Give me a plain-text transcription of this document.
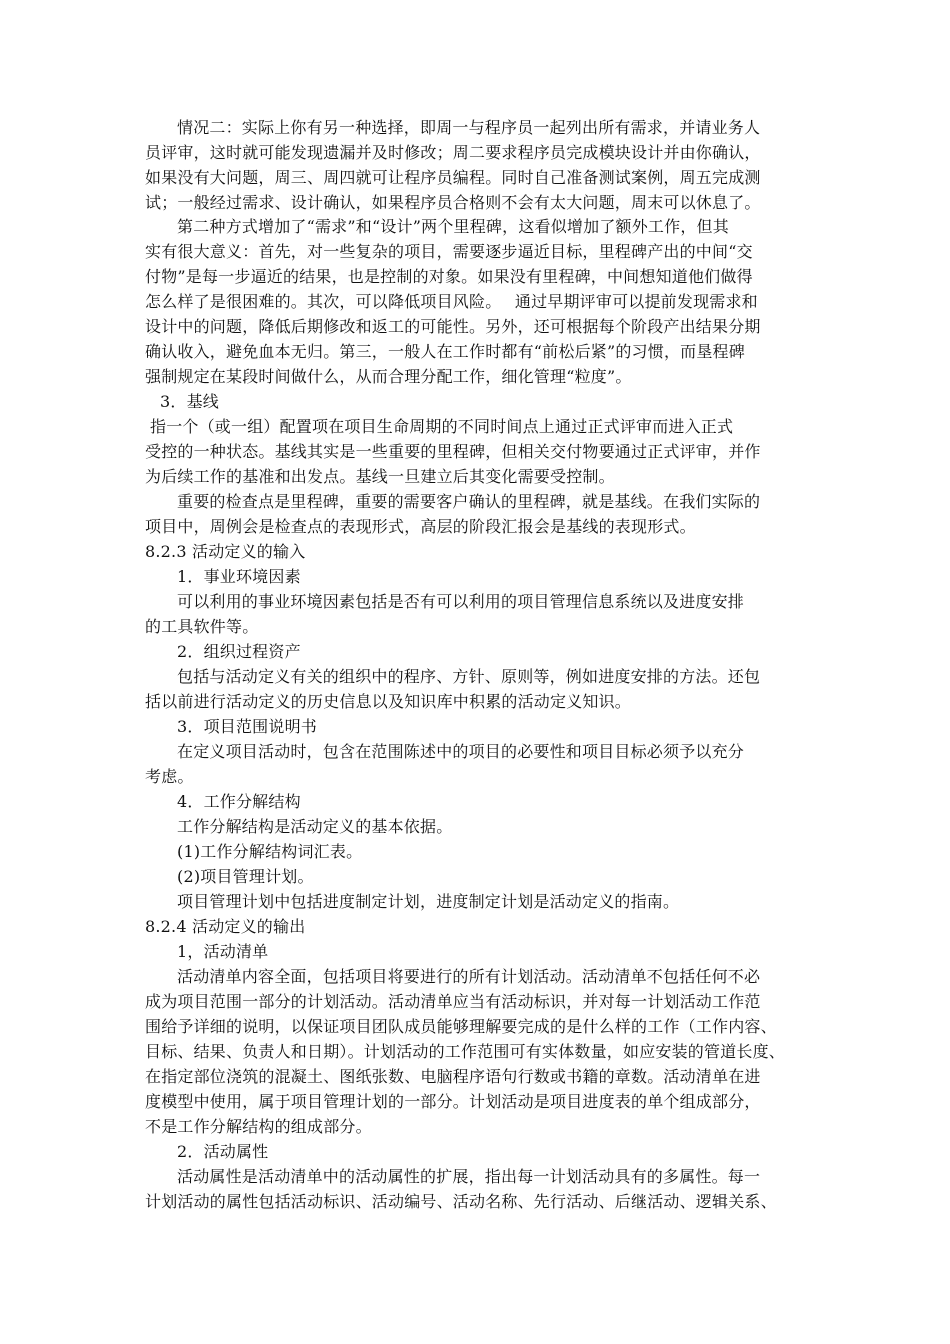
情况二：实际上你有另一种选择，即周一与程序员一起列出所有需求，并请业务人
员评审，这时就可能发现遗漏并及时修改；周二要求程序员完成模块设计并由你确认，
如果没有大问题，周三、周四就可让程序员编程。同时自己准备测试案例，周五完成测
试；一般经过需求、设计确认，如果程序员合格则不会有太大问题，周末可以休息了。
第二种方式增加了“需求”和“设计”两个里程碑，这看似增加了额外工作，但其
实有很大意义：首先，对一些复杂的项目，需要逐步逼近目标，里程碑产出的中间“交
付物”是每一步逼近的结果，也是控制的对象。如果没有里程碑，中间想知道他们做得
怎么样了是很困难的。其次，可以降低项目风险。　 通过早期评审可以提前发现需求和
设计中的问题，降低后期修改和返工的可能性。另外，还可根据每个阶段产出结果分期
确认收入，避免血本无归。第三，一般人在工作时都有“前松后紧”的习惯，而垦程碑
强制规定在某段时间做什么，从而合理分配工作，细化管理“粒度”。
3．基线
指一个（或一组）配置项在项目生命周期的不同时间点上通过正式评审而进入正式
受控的一种状态。基线其实是一些重要的里程碑，但相关交付物要通过正式评审，并作
为后续工作的基准和出发点。基线一旦建立后其变化需要受控制。
重要的检查点是里程碑，重要的需要客户确认的里程碑，就是基线。在我们实际的
项目中，周例会是检查点的表现形式，高层的阶段汇报会是基线的表现形式。
8.2.3 活动定义的输入
1．事业环境因素
可以利用的事业环境因素包括是否有可以利用的项目管理信息系统以及进度安排
的工具软件等。
2．组织过程资产
包括与活动定义有关的组织中的程序、方针、原则等，例如进度安排的方法。还包
括以前进行活动定义的历史信息以及知识库中积累的活动定义知识。
3．项目范围说明书
在定义项目活动时，包含在范围陈述中的项目的必要性和项目目标必须予以充分
考虑。
4．工作分解结构
工作分解结构是活动定义的基本依据。
(1)工作分解结构词汇表。
(2)项目管理计划。
项目管理计划中包括进度制定计划，进度制定计划是活动定义的指南。
8.2.4 活动定义的输出
1，活动清单
活动清单内容全面，包括项目将要进行的所有计划活动。活动清单不包括任何不必
成为项目范围一部分的计划活动。活动清单应当有活动标识，并对每一计划活动工作范
围给予详细的说明，以保证项目团队成员能够理解要完成的是什么样的工作（工作内容、
目标、结果、负责人和日期）。计划活动的工作范围可有实体数量，如应安装的管道长度、
在指定部位浇筑的混凝土、图纸张数、电脑程序语句行数或书籍的章数。活动清单在进
度模型中使用，属于项目管理计划的一部分。计划活动是项目进度表的单个组成部分，
不是工作分解结构的组成部分。
2．活动属性
活动属性是活动清单中的活动属性的扩展，指出每一计划活动具有的多属性。每一
计划活动的属性包括活动标识、活动编号、活动名称、先行活动、后继活动、逻辑关系、
